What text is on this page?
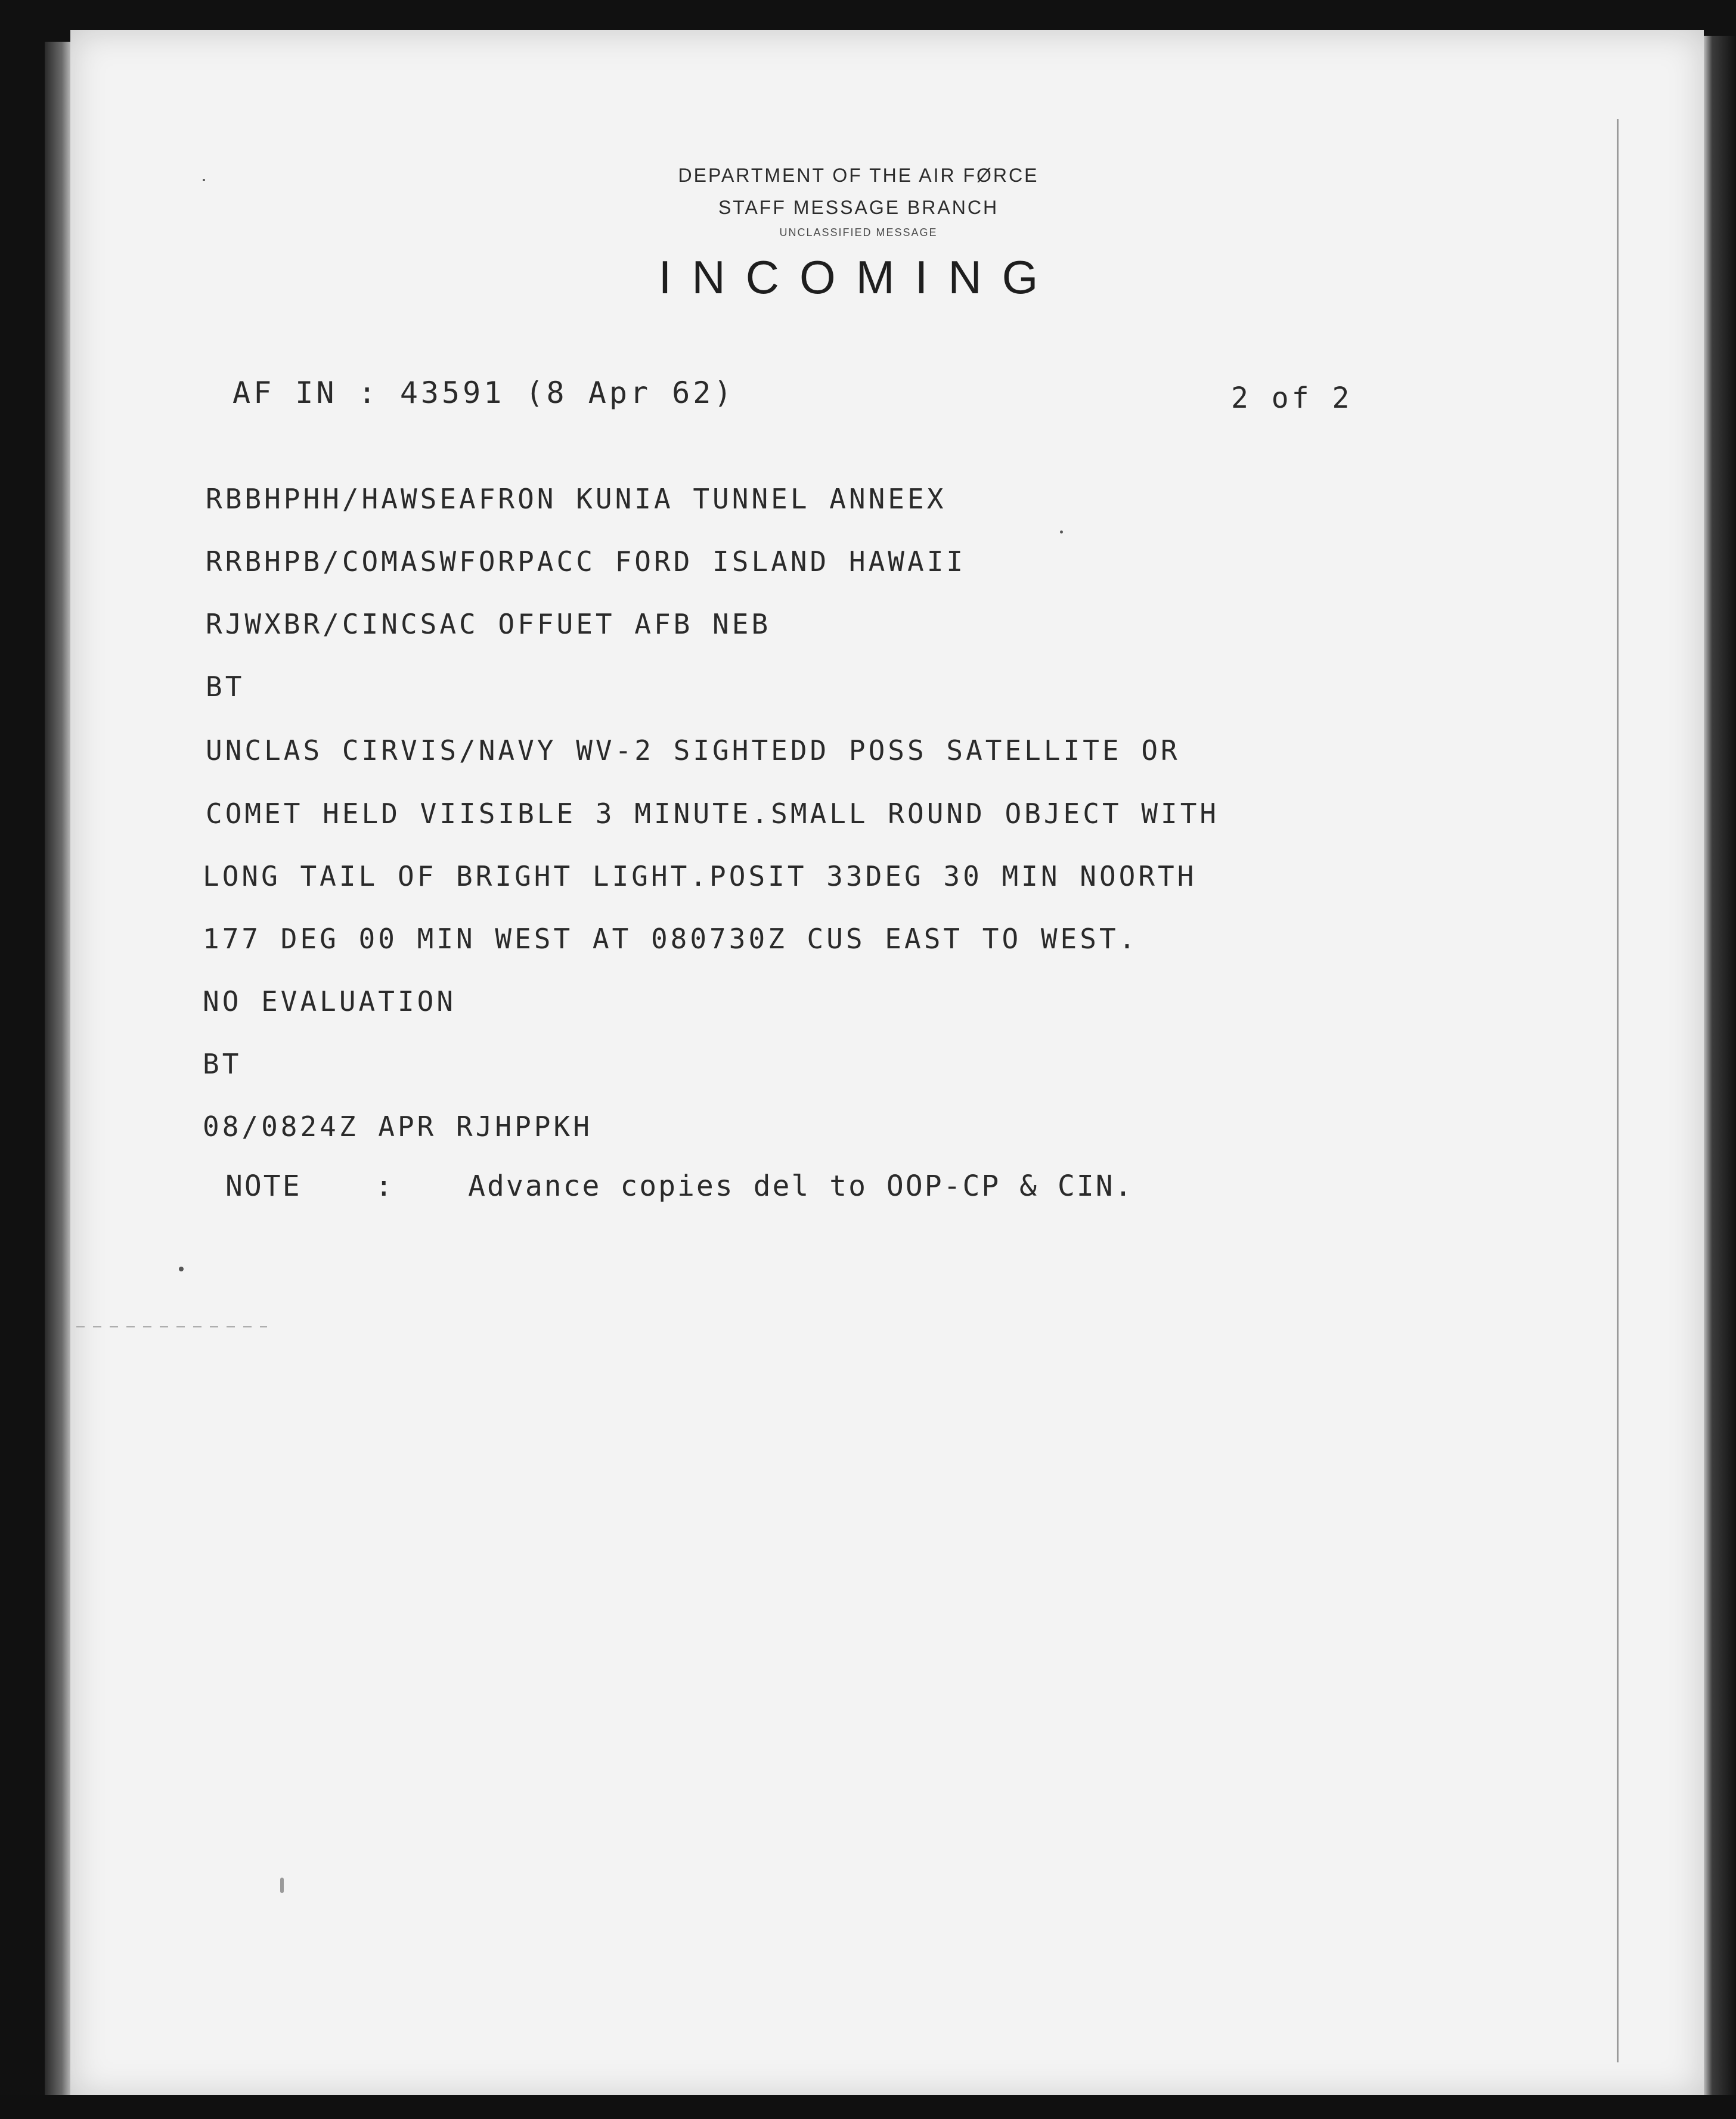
DEPARTMENT OF THE AIR FØRCE
STAFF MESSAGE BRANCH
UNCLASSIFIED MESSAGE
INCOMING
AF IN : 43591 (8 Apr 62)	2 of 2
RBBHPHH/HAWSEAFRON KUNIA TUNNEL ANNEEX
RRBHPB/COMASWFORPACC FORD ISLAND HAWAII
RJWXBR/CINCSAC OFFUET AFB NEB
BT
UNCLAS CIRVIS/NAVY WV-2 SIGHTEDD POSS SATELLITE OR
COMET HELD VIISIBLE 3 MINUTE.SMALL ROUND OBJECT WITH
LONG TAIL OF BRIGHT LIGHT.POSIT 33DEG 30 MIN NOORTH
177 DEG 00 MIN WEST AT 080730Z CUS EAST TO WEST.
NO EVALUATION
BT
08/0824Z APR RJHPPKH
NOTE	:	Advance copies del to OOP-CP & CIN.
